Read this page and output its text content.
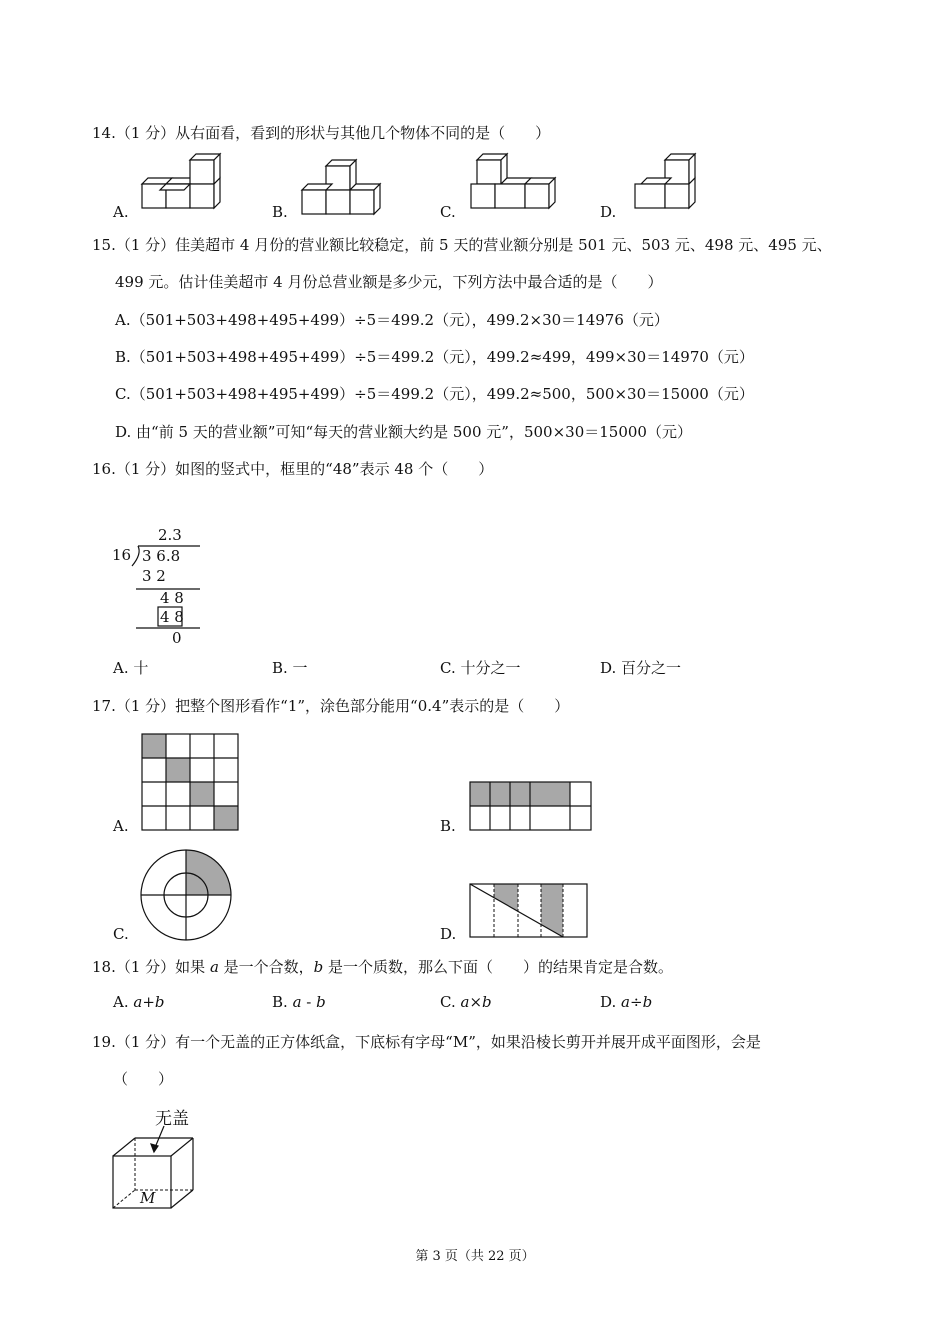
14.（1 分）从右面看，看到的形状与其他几个物体不同的是（　　）
A.	B.	C.	D.
15.（1 分）佳美超市 4 月份的营业额比较稳定，前 5 天的营业额分别是 501 元、503 元、498 元、495 元、
499 元。估计佳美超市 4 月份总营业额是多少元，下列方法中最合适的是（　　）
A.（501+503+498+495+499）÷5＝499.2（元），499.2×30＝14976（元）
B.（501+503+498+495+499）÷5＝499.2（元），499.2≈499，499×30＝14970（元）
C.（501+503+498+495+499）÷5＝499.2（元），499.2≈500，500×30＝15000（元）
D. 由“前 5 天的营业额”可知“每天的营业额大约是 500 元”，500×30＝15000（元）
16.（1 分）如图的竖式中，框里的“48”表示 48 个（　　）
2.3
16 3 6.8
3 2
4 8
4 8
0
A. 十	B. 一	C. 十分之一	D. 百分之一
17.（1 分）把整个图形看作“1”，涂色部分能用“0.4”表示的是（　　）
A.	B.
C.	D.
18.（1 分）如果 a 是一个合数，b 是一个质数，那么下面（　　）的结果肯定是合数。
A. a+b	B. a ‑ b	C. a×b	D. a÷b
19.（1 分）有一个无盖的正方体纸盒，下底标有字母“M”，如果沿棱长剪开并展开成平面图形，会是
（　　）
无盖
M
第 3 页（共 22 页）
